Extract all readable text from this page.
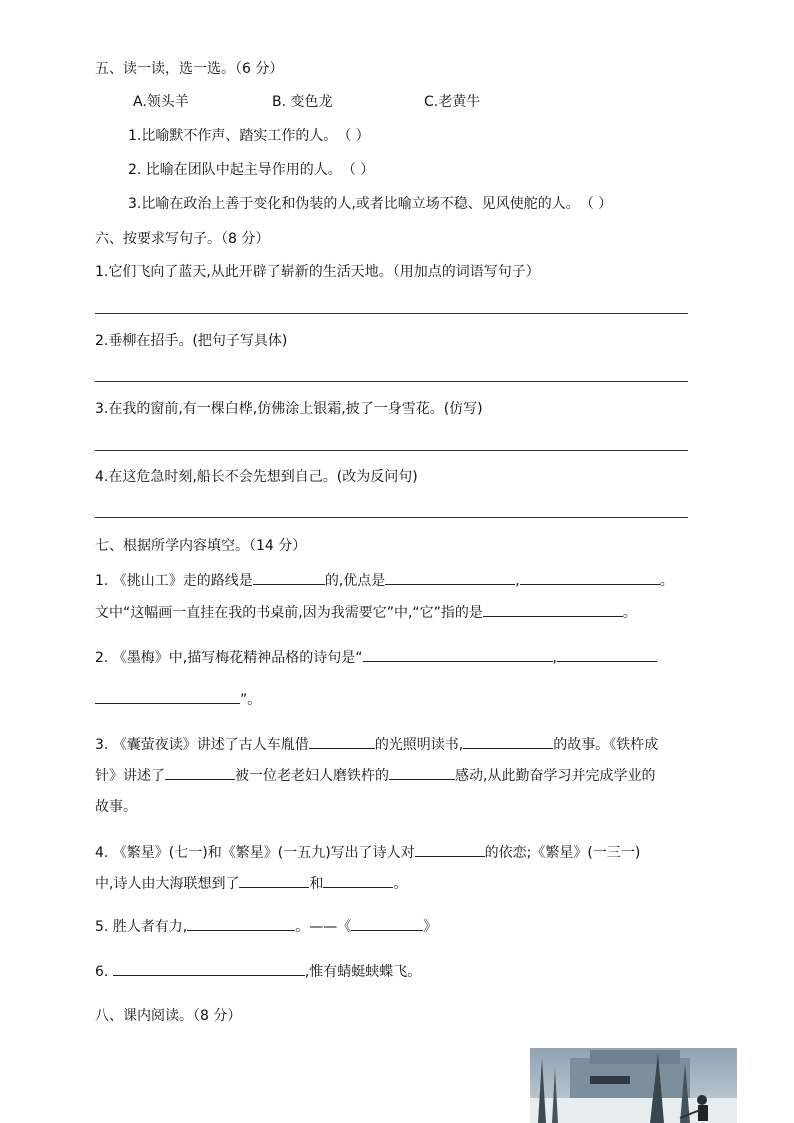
五、读一读，选一选。（6 分）
A.领头羊	B. 变色龙	C.老黄牛
1.比喻默不作声、踏实工作的人。（ ）
2. 比喻在团队中起主导作用的人。（ ）
3.比喻在政治上善于变化和伪装的人,或者比喻立场不稳、见风使舵的人。（ ）
六、按要求写句子。（8 分）
1.它们飞向了蓝天,从此开辟了崭新的生活天地。（用加点的词语写句子）
2.垂柳在招手。(把句子写具体)
3.在我的窗前,有一棵白桦,仿佛涂上银霜,披了一身雪花。(仿写)
4.在这危急时刻,船长不会先想到自己。(改为反问句)
七、根据所学内容填空。（14 分）
1. 《挑山工》走的路线是	的,优点是	,	。
文中“这幅画一直挂在我的书桌前,因为我需要它”中,“它”指的是	。
2. 《墨梅》中,描写梅花精神品格的诗句是“	,
”。
3. 《囊萤夜读》讲述了古人车胤借	的光照明读书,	的故事。《铁杵成
针》讲述了	被一位老老妇人磨铁杵的	感动,从此勤奋学习并完成学业的
故事。
4. 《繁星》(七一)和《繁星》(一五九)写出了诗人对	的依恋;《繁星》(一三一)
中,诗人由大海联想到了	和	。
5. 胜人者有力,	。——《	》
6.	,惟有蜻蜓蛱蝶飞。
八、课内阅读。（8 分）
